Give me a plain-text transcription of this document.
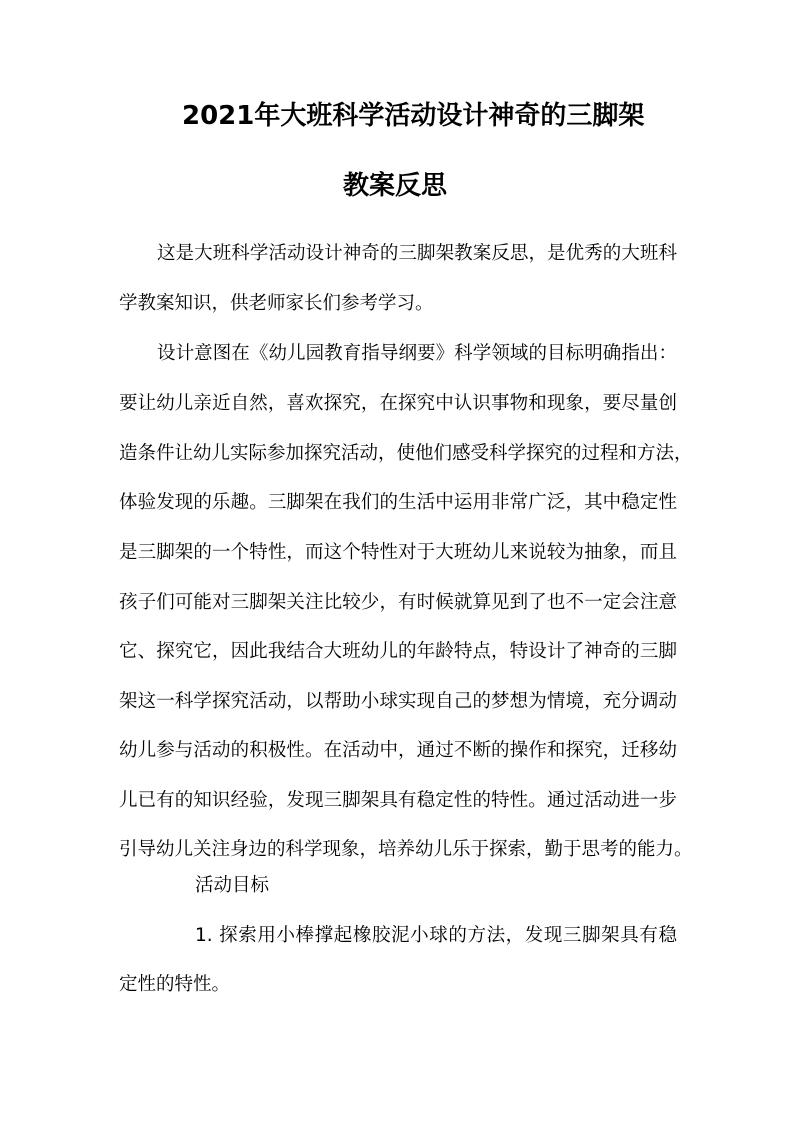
2021年大班科学活动设计神奇的三脚架
教案反思
这是大班科学活动设计神奇的三脚架教案反思，是优秀的大班科
学教案知识，供老师家长们参考学习。
设计意图在《幼儿园教育指导纲要》科学领域的目标明确指出：
要让幼儿亲近自然，喜欢探究，在探究中认识事物和现象，要尽量创
造条件让幼儿实际参加探究活动，使他们感受科学探究的过程和方法，
体验发现的乐趣。三脚架在我们的生活中运用非常广泛，其中稳定性
是三脚架的一个特性，而这个特性对于大班幼儿来说较为抽象，而且
孩子们可能对三脚架关注比较少，有时候就算见到了也不一定会注意
它、探究它，因此我结合大班幼儿的年龄特点，特设计了神奇的三脚
架这一科学探究活动，以帮助小球实现自己的梦想为情境，充分调动
幼儿参与活动的积极性。在活动中，通过不断的操作和探究，迁移幼
儿已有的知识经验，发现三脚架具有稳定性的特性。通过活动进一步
引导幼儿关注身边的科学现象，培养幼儿乐于探索，勤于思考的能力。
活动目标
1. 探索用小棒撑起橡胶泥小球的方法，发现三脚架具有稳
定性的特性。
